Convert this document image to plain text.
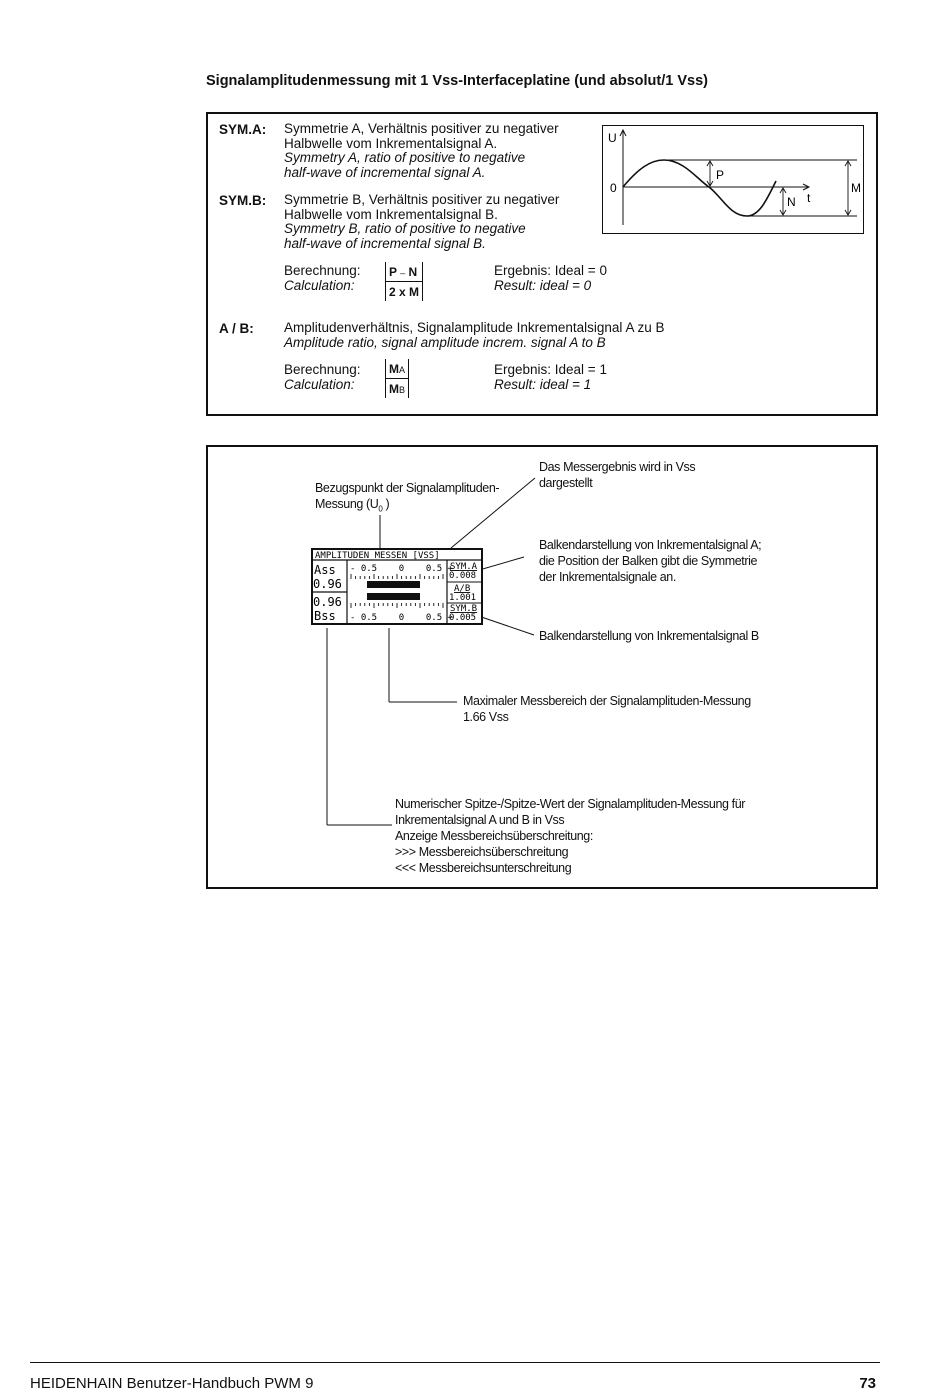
Signalamplitudenmessung mit 1 Vss-Interfaceplatine (und absolut/1 Vss)
SYM.A: Symmetrie A, Verhältnis positiver zu negativer
Halbwelle vom Inkrementalsignal A.
Symmetry A, ratio of positive to negative
half-wave of incremental signal A.
SYM.B: Symmetrie B, Verhältnis positiver zu negativer
Halbwelle vom Inkrementalsignal B.
Symmetry B, ratio of positive to negative
half-wave of incremental signal B.
Berechnung:
Calculation:	$\frac{P - N}{\text{2 x M}}$	Ergebnis: Ideal = 0
Result: ideal = 0
A / B: Amplitudenverhältnis, Signalamplitude Inkrementalsignal A zu B
Amplitude ratio, signal amplitude increm. signal A to B
Berechnung:
Calculation:	$\frac{MA}{MB}$	Ergebnis: Ideal = 1
Result: ideal = 1
U
0
P
N t
M
AMPLITUDEN MESSEN [VSS]
Ass
0.96
0.96
Bss
- 0.5    0    0.5 +
- 0.5    0    0.5 +
SYM.A
0.008
A/B
1.001
SYM.B
0.005
Bezugspunkt der Signalamplituden-
Messung ($U_0$ )
Das Messergebnis wird in Vss
dargestellt
Balkendarstellung von Inkrementalsignal A;
die Position der Balken gibt die Symmetrie
der Inkrementalsignale an.
Balkendarstellung von Inkrementalsignal B
Maximaler Messbereich der Signalamplituden-Messung
1.66 Vss
Numerischer Spitze-/Spitze-Wert der Signalamplituden-Messung für
Inkrementalsignal A und B in Vss
Anzeige Messbereichsüberschreitung:
>>> Messbereichsüberschreitung
<<< Messbereichsunterschreitung
HEIDENHAIN Benutzer-Handbuch PWM 9	73
